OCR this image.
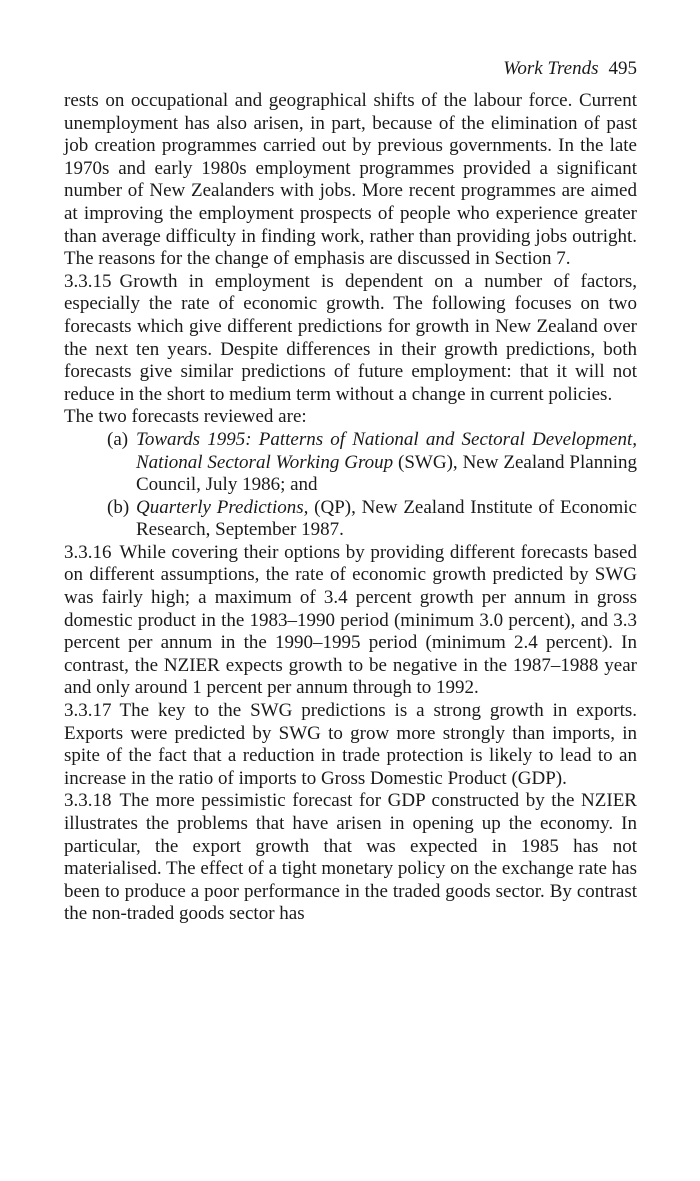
Work Trends 495

rests on occupational and geographical shifts of the labour force. Current unemployment has also arisen, in part, because of the elimination of past job creation programmes carried out by previous governments. In the late 1970s and early 1980s employment programmes provided a significant number of New Zealanders with jobs. More recent programmes are aimed at improving the employment prospects of people who experience greater than average difficulty in finding work, rather than providing jobs outright. The reasons for the change of emphasis are discussed in Section 7.

3.3.15 Growth in employment is dependent on a number of factors, especially the rate of economic growth. The following focuses on two forecasts which give different predictions for growth in New Zealand over the next ten years. Despite differences in their growth predictions, both forecasts give similar predictions of future employment: that it will not reduce in the short to medium term without a change in current policies.

The two forecasts reviewed are:

(a) Towards 1995: Patterns of National and Sectoral Development, National Sectoral Working Group (SWG), New Zealand Planning Council, July 1986; and
(b) Quarterly Predictions, (QP), New Zealand Institute of Economic Research, September 1987.

3.3.16 While covering their options by providing different forecasts based on different assumptions, the rate of economic growth predicted by SWG was fairly high; a maximum of 3.4 percent growth per annum in gross domestic product in the 1983–1990 period (minimum 3.0 percent), and 3.3 percent per annum in the 1990–1995 period (minimum 2.4 percent). In contrast, the NZIER expects growth to be negative in the 1987–1988 year and only around 1 percent per annum through to 1992.

3.3.17 The key to the SWG predictions is a strong growth in exports. Exports were predicted by SWG to grow more strongly than imports, in spite of the fact that a reduction in trade protection is likely to lead to an increase in the ratio of imports to Gross Domestic Product (GDP).

3.3.18 The more pessimistic forecast for GDP constructed by the NZIER illustrates the problems that have arisen in opening up the economy. In particular, the export growth that was expected in 1985 has not materialised. The effect of a tight monetary policy on the exchange rate has been to produce a poor performance in the traded goods sector. By contrast the non-traded goods sector has
